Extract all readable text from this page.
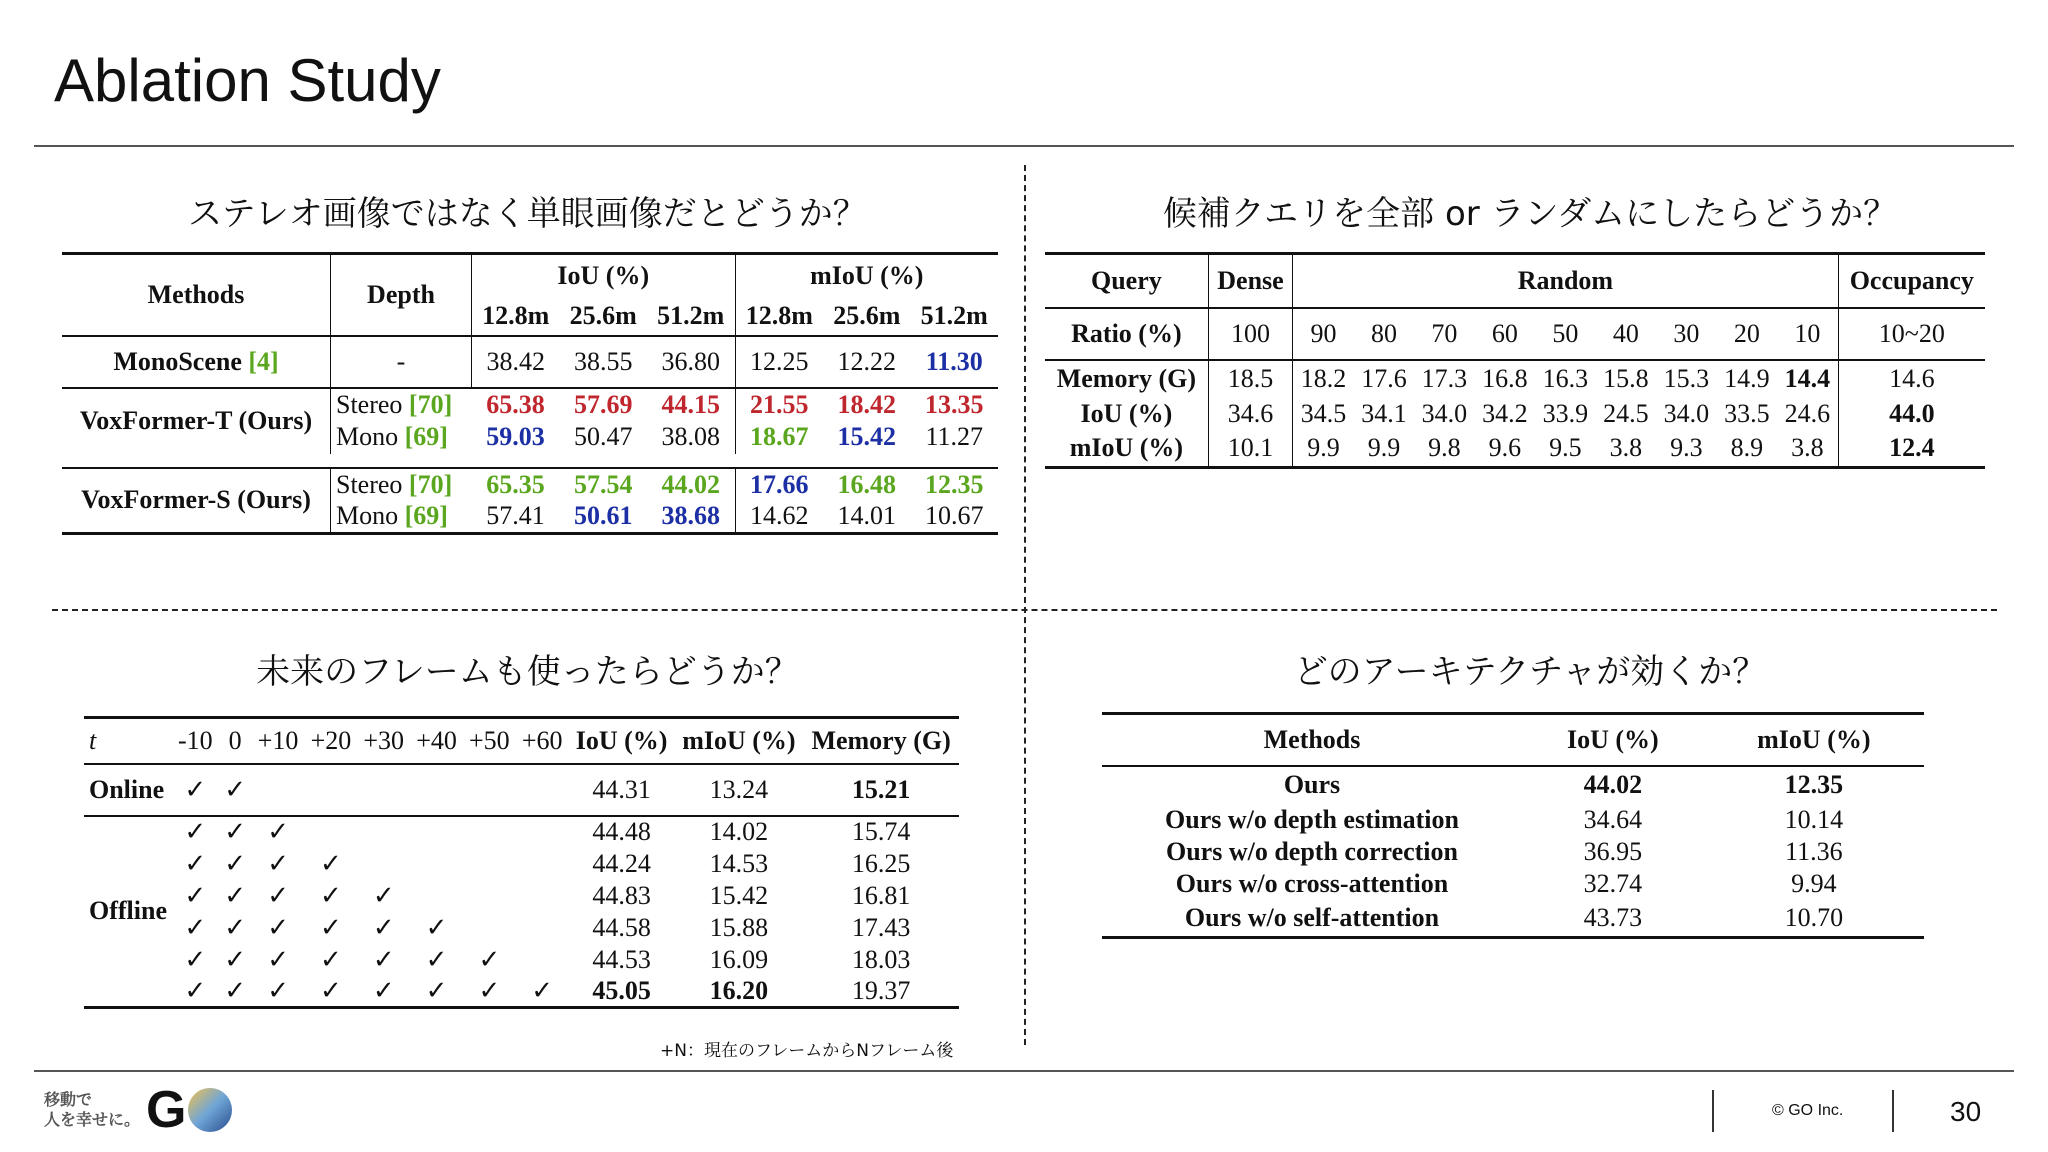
Ablation Study
ステレオ画像ではなく単眼画像だとどうか？
Methods	Depth	IoU (%)			mIoU (%)		
		12.8m	25.6m	51.2m	12.8m	25.6m	51.2m
MonoScene [4]	-	38.42	38.55	36.80	12.25	12.22	11.30
VoxFormer-T (Ours)	Stereo [70]	65.38	57.69	44.15	21.55	18.42	13.35
	Mono [69]	59.03	50.47	38.08	18.67	15.42	11.27

VoxFormer-S (Ours)	Stereo [70]	65.35	57.54	44.02	17.66	16.48	12.35
	Mono [69]	57.41	50.61	38.68	14.62	14.01	10.67
候補クエリを全部 or ランダムにしたらどうか？
Query	Dense	Random									Occupancy
Ratio (%)	100	90	80	70	60	50	40	30	20	10	10~20
Memory (G)	18.5	18.2	17.6	17.3	16.8	16.3	15.8	15.3	14.9	14.4	14.6
IoU (%)	34.6	34.5	34.1	34.0	34.2	33.9	24.5	34.0	33.5	24.6	44.0
mIoU (%)	10.1	9.9	9.9	9.8	9.6	9.5	3.8	9.3	8.9	3.8	12.4
未来のフレームも使ったらどうか？
t	-10	0	+10	+20	+30	+40	+50	+60	IoU (%)	mIoU (%)	Memory (G)
Online	✓	✓							44.31	13.24	15.21
Offline	✓	✓	✓						44.48	14.02	15.74
	✓	✓	✓	✓					44.24	14.53	16.25
	✓	✓	✓	✓	✓				44.83	15.42	16.81
	✓	✓	✓	✓	✓	✓			44.58	15.88	17.43
	✓	✓	✓	✓	✓	✓	✓		44.53	16.09	18.03
	✓	✓	✓	✓	✓	✓	✓	✓	45.05	16.20	19.37
+N：現在のフレームからNフレーム後
どのアーキテクチャが効くか？
Methods	IoU (%)	mIoU (%)
Ours	44.02	12.35
Ours w/o depth estimation	34.64	10.14
Ours w/o depth correction	36.95	11.36
Ours w/o cross-attention	32.74	9.94
Ours w/o self-attention	43.73	10.70
移動で
人を幸せに。 G	© GO Inc.	30
